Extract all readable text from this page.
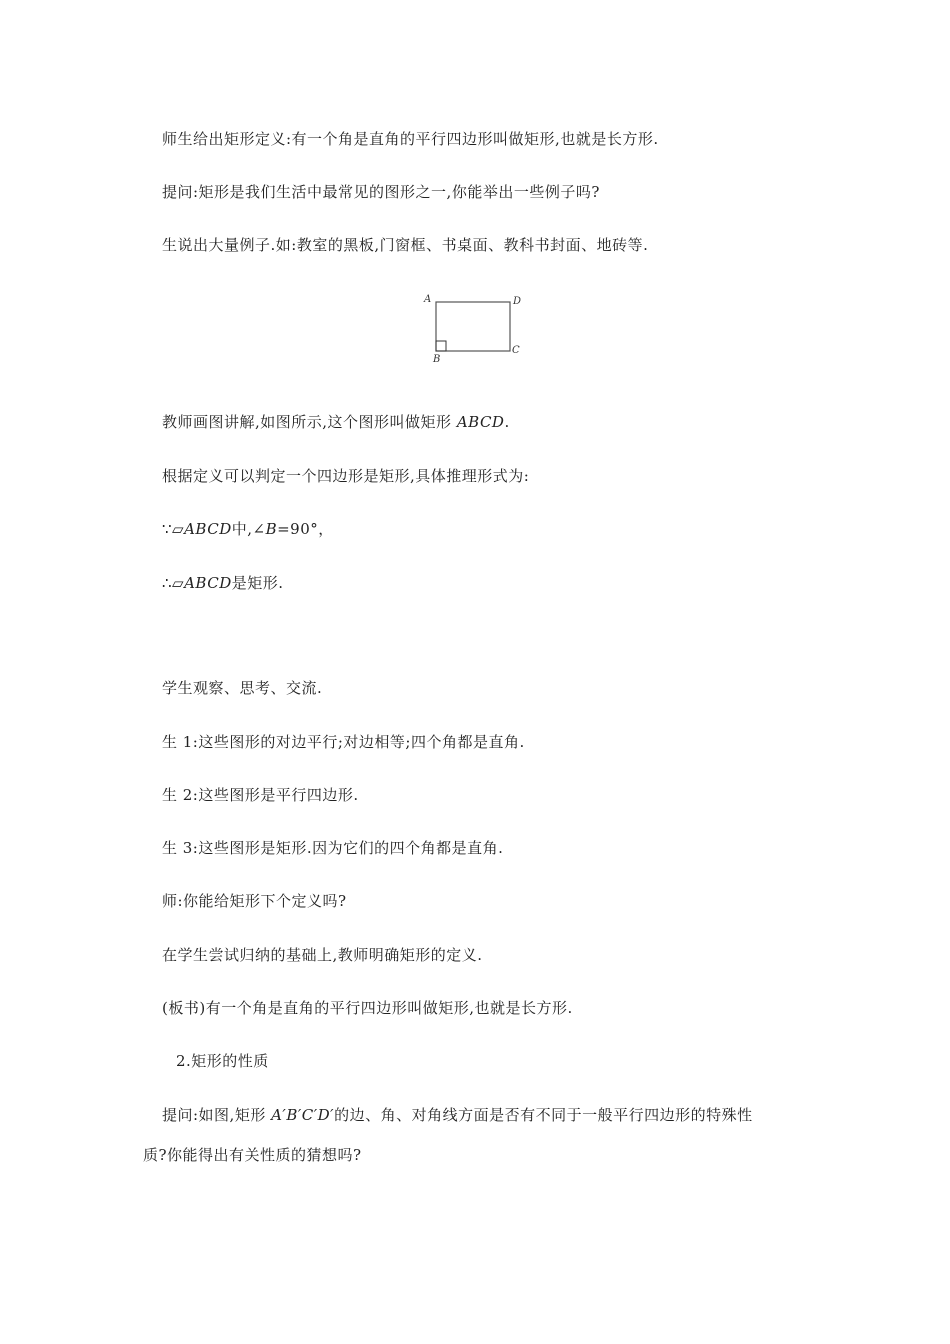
师生给出矩形定义:有一个角是直角的平行四边形叫做矩形,也就是长方形.
提问:矩形是我们生活中最常见的图形之一,你能举出一些例子吗?
生说出大量例子.如:教室的黑板,门窗框、书桌面、教科书封面、地砖等.
A	D
B
C
教师画图讲解,如图所示,这个图形叫做矩形 ABCD.
根据定义可以判定一个四边形是矩形,具体推理形式为:
∵▱ABCD中,∠B=90°，
∴▱ABCD是矩形.
学生观察、思考、交流.
生 1:这些图形的对边平行;对边相等;四个角都是直角.
生 2:这些图形是平行四边形.
生 3:这些图形是矩形.因为它们的四个角都是直角.
师:你能给矩形下个定义吗?
在学生尝试归纳的基础上,教师明确矩形的定义.
(板书)有一个角是直角的平行四边形叫做矩形,也就是长方形.
2.矩形的性质
提问:如图,矩形 A′B′C′D′的边、角、对角线方面是否有不同于一般平行四边形的特殊性
质?你能得出有关性质的猜想吗?
